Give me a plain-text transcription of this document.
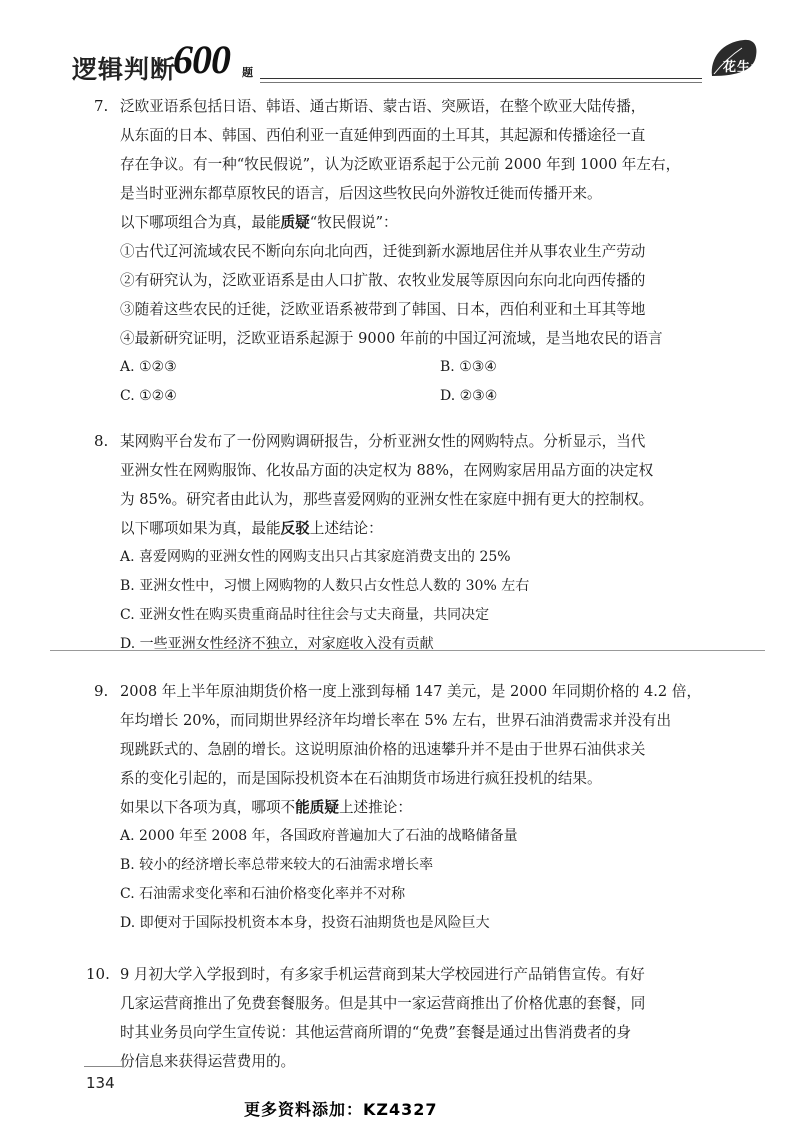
逻辑判断
600 题	花生十三
7. 泛欧亚语系包括日语、韩语、通古斯语、蒙古语、突厥语，在整个欧亚大陆传播，
从东面的日本、韩国、西伯利亚一直延伸到西面的土耳其，其起源和传播途径一直
存在争议。有一种“牧民假说”，认为泛欧亚语系起于公元前 2000 年到 1000 年左右，
是当时亚洲东都草原牧民的语言，后因这些牧民向外游牧迁徙而传播开来。
以下哪项组合为真，最能质疑“牧民假说”：
①古代辽河流域农民不断向东向北向西，迁徙到新水源地居住并从事农业生产劳动
②有研究认为，泛欧亚语系是由人口扩散、农牧业发展等原因向东向北向西传播的
③随着这些农民的迁徙，泛欧亚语系被带到了韩国、日本，西伯利亚和土耳其等地
④最新研究证明，泛欧亚语系起源于 9000 年前的中国辽河流域，是当地农民的语言
A. ①②③	B. ①③④
C. ①②④	D. ②③④
8. 某网购平台发布了一份网购调研报告，分析亚洲女性的网购特点。分析显示，当代
亚洲女性在网购服饰、化妆品方面的决定权为 88%，在网购家居用品方面的决定权
为 85%。研究者由此认为，那些喜爱网购的亚洲女性在家庭中拥有更大的控制权。
以下哪项如果为真，最能反驳上述结论：
A. 喜爱网购的亚洲女性的网购支出只占其家庭消费支出的 25%
B. 亚洲女性中，习惯上网购物的人数只占女性总人数的 30% 左右
C. 亚洲女性在购买贵重商品时往往会与丈夫商量，共同决定
D. 一些亚洲女性经济不独立，对家庭收入没有贡献
9. 2008 年上半年原油期货价格一度上涨到每桶 147 美元，是 2000 年同期价格的 4.2 倍，
年均增长 20%，而同期世界经济年均增长率在 5% 左右，世界石油消费需求并没有出
现跳跃式的、急剧的增长。这说明原油价格的迅速攀升并不是由于世界石油供求关
系的变化引起的，而是国际投机资本在石油期货市场进行疯狂投机的结果。
如果以下各项为真，哪项不能质疑上述推论：
A. 2000 年至 2008 年，各国政府普遍加大了石油的战略储备量
B. 较小的经济增长率总带来较大的石油需求增长率
C. 石油需求变化率和石油价格变化率并不对称
D. 即便对于国际投机资本本身，投资石油期货也是风险巨大
10. 9 月初大学入学报到时，有多家手机运营商到某大学校园进行产品销售宣传。有好
几家运营商推出了免费套餐服务。但是其中一家运营商推出了价格优惠的套餐，同
时其业务员向学生宣传说：其他运营商所谓的“免费”套餐是通过出售消费者的身
份信息来获得运营费用的。
134
更多资料添加：KZ4327
